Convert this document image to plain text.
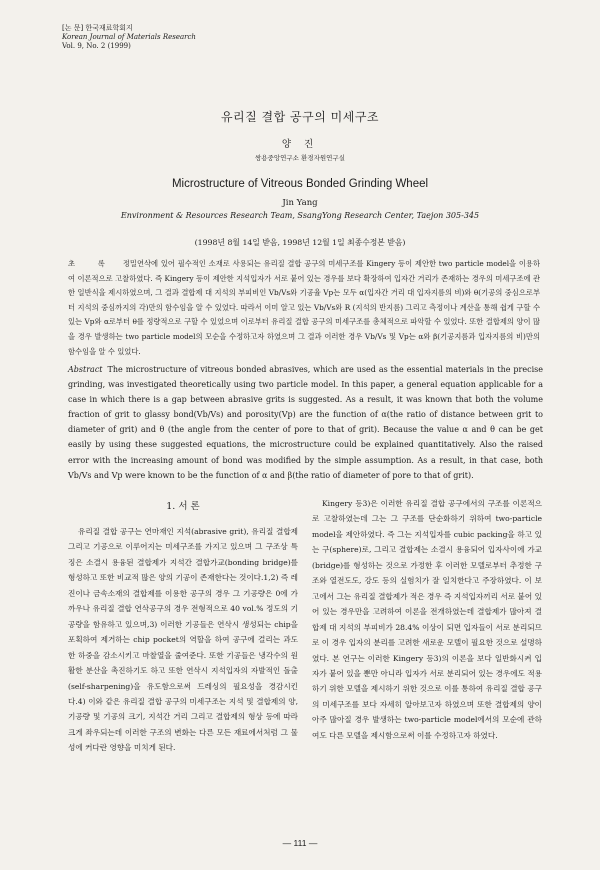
[논 문] 한국재료학회지
Korean Journal of Materials Research
Vol. 9, No. 2 (1999)
유리질 결합 공구의 미세구조
양 진
쌍용중앙연구소 환경자원연구실
Microstructure of Vitreous Bonded Grinding Wheel
Jin Yang
Environment & Resources Research Team, SsangYong Research Center, Taejon 305-345
(1998년 8월 14일 받음, 1998년 12월 1일 최종수정본 받음)
초 록 정밀연삭에 있어 필수적인 소재로 사용되는 유리질 결합 공구의 미세구조를 Kingery 등이 제안한 two particle model을 이용하여 이론적으로 고찰하였다. 즉 Kingery 등이 제안한 지석입자가 서로 붙어 있는 경우를 보다 확장하여 입자간 거리가 존재하는 경우의 미세구조에 관한 일반식을 제시하였으며, 그 결과 결합제 대 지석의 부피비인 Vb/Vs와 기공율 Vp는 모두 α(입자간 거리 대 입자지름의 비)와 θ(기공의 중심으로부터 지석의 중심까지의 각)만의 함수임을 알 수 있었다. 따라서 이미 알고 있는 Vb/Vs와 R (지석의 반지름) 그리고 측정이나 계산을 통해 쉽게 구할 수 있는 Vp와 α로부터 θ를 정량적으로 구할 수 있었으며 이로부터 유리질 결합 공구의 미세구조를 총체적으로 파악할 수 있었다. 또한 결합제의 양이 많을 경우 발생하는 two particle model의 모순을 수정하고자 하였으며 그 결과 이러한 경우 Vb/Vs 및 Vp는 α와 β(기공지름과 입자지름의 비)만의 함수임을 알 수 있었다.
Abstract The microstructure of vitreous bonded abrasives, which are used as the essential materials in the precise grinding, was investigated theoretically using two particle model. In this paper, a general equation applicable for a case in which there is a gap between abrasive grits is suggested. As a result, it was known that both the volume fraction of grit to glassy bond(Vb/Vs) and porosity(Vp) are the function of α(the ratio of distance between grit to diameter of grit) and θ (the angle from the center of pore to that of grit). Because the value α and θ can be get easily by using these suggested equations, the microstructure could be explained quantitatively. Also the raised error with the increasing amount of bond was modified by the simple assumption. As a result, in that case, both Vb/Vs and Vp were known to be the function of α and β(the ratio of diameter of pore to that of grit).
1. 서 론

유리질 결합 공구는 연마재인 지석(abrasive grit), 유리질 결합제 그리고 기공으로 이루어지는 미세구조를 가지고 있으며 그 구조상 특징은 소결시 용융된 결합제가 지석간 결합가교(bonding bridge)를 형성하고 또한 비교적 많은 양의 기공이 존재한다는 것이다.1,2) 즉 레진이나 금속소재의 결합제를 이용한 공구의 경우 그 기공량은 0에 가까우나 유리질 결합 연삭공구의 경우 전형적으로 40 vol.% 정도의 기공량을 함유하고 있으며,3) 이러한 기공들은 연삭시 생성되는 chip을 포획하여 제거하는 chip pocket의 역할을 하여 공구에 걸리는 과도한 하중을 감소시키고 마찰열을 줄여준다. 또한 기공들은 냉각수의 원활한 분산을 촉진하기도 하고 또한 연삭시 지석입자의 자발적인 돌출(self-sharpening)을 유도함으로써 드레싱의 필요성을 경감시킨다.4) 이와 같은 유리질 결합 공구의 미세구조는 지석 및 결합제의 양, 기공량 및 기공의 크기, 지석간 거리 그리고 결합제의 형상 등에 따라 크게 좌우되는데 이러한 구조의 변화는 다른 모든 재료에서처럼 그 물성에 커다란 영향을 미치게 된다.

Kingery 등3)은 이러한 유리질 결합 공구에서의 구조를 이론적으로 고찰하였는데 그는 그 구조를 단순화하기 위하여 two-particle model을 제안하였다. 즉 그는 지석입자를 cubic packing을 하고 있는 구(sphere)로, 그리고 결합제는 소결시 용융되어 입자사이에 가교(bridge)를 형성하는 것으로 가정한 후 이러한 모델로부터 추정한 구조와 열전도도, 강도 등의 실험치가 잘 일치한다고 주장하였다. 이 보고에서 그는 유리질 결합제가 적은 경우 즉 지석입자끼리 서로 붙어 있어 있는 경우만을 고려하여 이론을 전개하였는데 결합제가 많아져 결합제 대 지석의 부피비가 28.4% 이상이 되면 입자들이 서로 분리되므로 이 경우 입자의 분리를 고려한 새로운 모델이 필요한 것으로 설명하였다. 본 연구는 이러한 Kingery 등3)의 이론을 보다 일반화시켜 입자가 붙어 있을 뿐만 아니라 입자가 서로 분리되어 있는 경우에도 적용하기 위한 모델을 제시하기 위한 것으로 이를 통하여 유리질 결합 공구의 미세구조를 보다 자세히 알아보고자 하였으며 또한 결합제의 양이 아주 많아질 경우 발생하는 two-particle model에서의 모순에 관하여도 다른 모델을 제시함으로써 이를 수정하고자 하였다.

— 111 —
